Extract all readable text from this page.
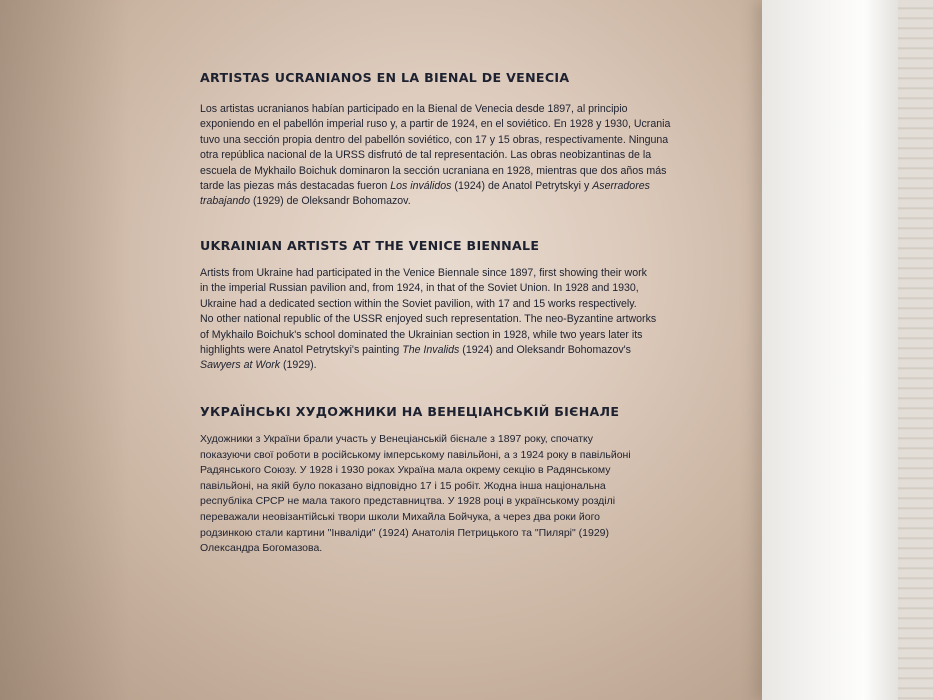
ARTISTAS UCRANIANOS EN LA BIENAL DE VENECIA
Los artistas ucranianos habían participado en la Bienal de Venecia desde 1897, al principio
exponiendo en el pabellón imperial ruso y, a partir de 1924, en el soviético. En 1928 y 1930, Ucrania
tuvo una sección propia dentro del pabellón soviético, con 17 y 15 obras, respectivamente. Ninguna
otra república nacional de la URSS disfrutó de tal representación. Las obras neobizantinas de la
escuela de Mykhailo Boichuk dominaron la sección ucraniana en 1928, mientras que dos años más
tarde las piezas más destacadas fueron Los inválidos (1924) de Anatol Petrytskyi y Aserradores
trabajando (1929) de Oleksandr Bohomazov.
UKRAINIAN ARTISTS AT THE VENICE BIENNALE
Artists from Ukraine had participated in the Venice Biennale since 1897, first showing their work
in the imperial Russian pavilion and, from 1924, in that of the Soviet Union. In 1928 and 1930,
Ukraine had a dedicated section within the Soviet pavilion, with 17 and 15 works respectively.
No other national republic of the USSR enjoyed such representation. The neo-Byzantine artworks
of Mykhailo Boichuk's school dominated the Ukrainian section in 1928, while two years later its
highlights were Anatol Petrytskyi's painting The Invalids (1924) and Oleksandr Bohomazov's
Sawyers at Work (1929).
УКРАЇНСЬКІ ХУДОЖНИКИ НА ВЕНЕЦІАНСЬКІЙ БІЄНАЛЕ
Художники з України брали участь у Венеціанській бієнале з 1897 року, спочатку
показуючи свої роботи в російському імперському павільйоні, а з 1924 року в павільйоні
Радянського Союзу. У 1928 і 1930 роках Україна мала окрему секцію в Радянському
павільйоні, на якій було показано відповідно 17 і 15 робіт. Жодна інша національна
республіка СРСР не мала такого представництва. У 1928 році в українському розділі
переважали неовізантійські твори школи Михайла Бойчука, а через два роки його
родзинкою стали картини "Інваліди" (1924) Анатолія Петрицького та "Пилярі" (1929)
Олександра Богомазова.
